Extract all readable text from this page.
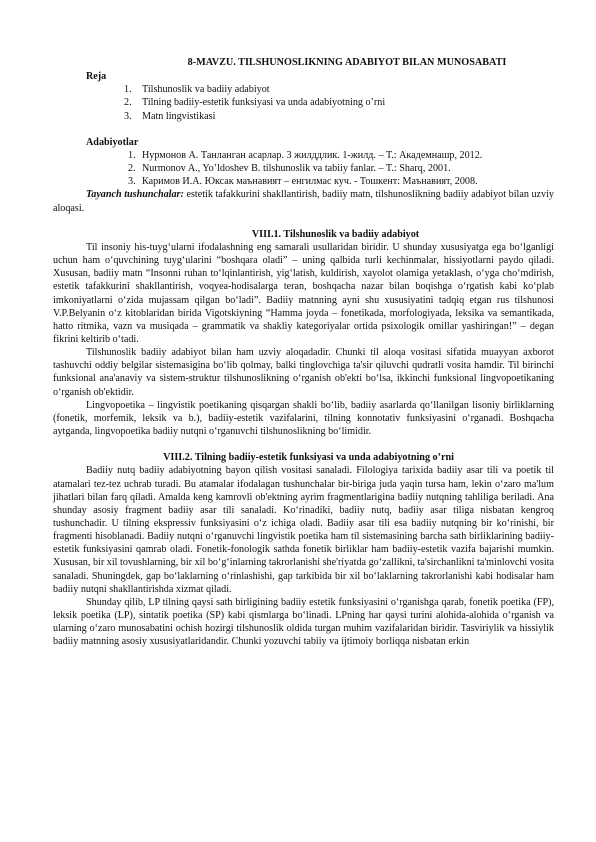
8-MAVZU. TILSHUNOSLIKNING ADABIYOT BILAN MUNOSABATI
Reja
1. Tilshunoslik va badiiy adabiyot
2. Tilning badiiy-estetik funksiyasi va unda adabiyotning o’rni
3. Matn lingvistikasi
Adabiyotlar
1. Нурмонов А. Танланган асарлар. 3 жилддлик. 1-жилд. – Т.: Академнашр, 2012.
2. Nurmonov A., Yo’ldoshev B. tilshunoslik va tabiiy fanlar. – T.: Sharq, 2001.
3. Каримов И.А. Юксак маънавият – енгилмас куч. - Тошкент: Маънавият, 2008.

Tayanch tushunchalar: estetik tafakkurini shakllantirish, badiiy matn, tilshunoslikning badiiy adabiyot bilan uzviy aloqasi.

VIII.1. Tilshunoslik va badiiy adabiyot

Til insoniy his-tuyg‘ularni ifodalashning eng samarali usullaridan biridir. U shunday xususiyatga ega bo‘lganligi uchun ham o‘quvchining tuyg‘ularini “boshqara oladi” – uning qalbida turli kechinmalar, hissiyotlarni paydo qiladi. Xususan, badiiy matn “Insonni ruhan to‘lqinlantirish, yig‘latish, kuldirish, xayolot olamiga yetaklash, o‘yga cho‘mdirish, estetik tafakkurini shakllantirish, voqyea-hodisalarga teran, boshqacha nazar bilan boqishga o‘rgatish kabi ko‘plab imkoniyatlarni o‘zida mujassam qilgan bo‘ladi”. Badiiy matnning ayni shu xususiyatini tadqiq etgan rus tilshunosi V.P.Belyanin o‘z kitoblaridan birida Vigotskiyning “Hamma joyda – fonetikada, morfologiyada, leksika va semantikada, hatto ritmika, vazn va musiqada – grammatik va shakliy kategoriyalar ortida psixologik omillar yashiringan!” – degan fikrini keltirib o‘tadi.

Tilshunoslik badiiy adabiyot bilan ham uzviy aloqadadir. Chunki til aloqa vositasi sifatida muayyan axborot tashuvchi oddiy belgilar sistemasigina bo‘lib qolmay, balki tinglovchiga ta'sir qiluvchi qudratli vosita hamdir. Til birinchi funksional ana'anaviy va sistem-struktur tilshunoslikning o‘rganish ob'ekti bo‘lsa, ikkinchi funksional lingvopoetikaning o‘rganish ob'ektidir.

Lingvopoetika – lingvistik poetikaning qisqargan shakli bo‘lib, badiiy asarlarda qo‘llanilgan lisoniy birliklarning (fonetik, morfemik, leksik va b.), badiiy-estetik vazifalarini, tilning konnotativ funksiyasini o‘rganadi. Boshqacha aytganda, lingvopoetika badiiy nutqni o‘rganuvchi tilshunoslikning bo‘limidir.

VIII.2. Tilning badiiy-estetik funksiyasi va unda adabiyotning o’rni

Badiiy nutq badiiy adabiyotning bayon qilish vositasi sanaladi. Filologiya tarixida badiiy asar tili va poetik til atamalari tez-tez uchrab turadi. Bu atamalar ifodalagan tushunchalar bir-biriga juda yaqin tursa ham, lekin o‘zaro ma'lum jihatlari bilan farq qiladi. Amalda keng kamrovli ob'ektning ayrim fragmentlarigina badiiy nutqning tahliliga beriladi. Ana shunday asosiy fragment badiiy asar tili sanaladi. Ko‘rinadiki, badiiy nutq, badiiy asar tiliga nisbatan kengroq tushunchadir. U tilning ekspressiv funksiyasini o‘z ichiga oladi. Badiiy asar tili esa badiiy nutqning bir ko‘rinishi, bir fragmenti hisoblanadi. Badiiy nutqni o‘rganuvchi lingvistik poetika ham til sistemasining barcha sath birliklarining badiiy-estetik funksiyasini qamrab oladi. Fonetik-fonologik sathda fonetik birliklar ham badiiy-estetik vazifa bajarishi mumkin. Xususan, bir xil tovushlarning, bir xil bo‘g‘inlarning takrorlanishi she'riyatda go‘zallikni, ta'sirchanlikni ta'minlovchi vosita sanaladi. Shuningdek, gap bo‘laklarning o‘rinlashishi, gap tarkibida bir xil bo‘laklarning takrorlanishi kabi hodisalar ham badiiy nutqni shakllantirishda xizmat qiladi.

Shunday qilib, LP tilning qaysi sath birligining badiiy estetik funksiyasini o‘rganishga qarab, fonetik poetika (FP), leksik poetika (LP), sintatik poetika (SP) kabi qismlarga bo‘linadi. LPning har qaysi turini alohida-alohida o‘rganish va ularning o‘zaro munosabatini ochish hozirgi tilshunoslik oldida turgan muhim vazifalaridan biridir. Tasviriylik va hissiylik badiiy matnning asosiy xususiyatlaridandir. Chunki yozuvchi tabiiy va ijtimoiy borliqqa nisbatan erkin
